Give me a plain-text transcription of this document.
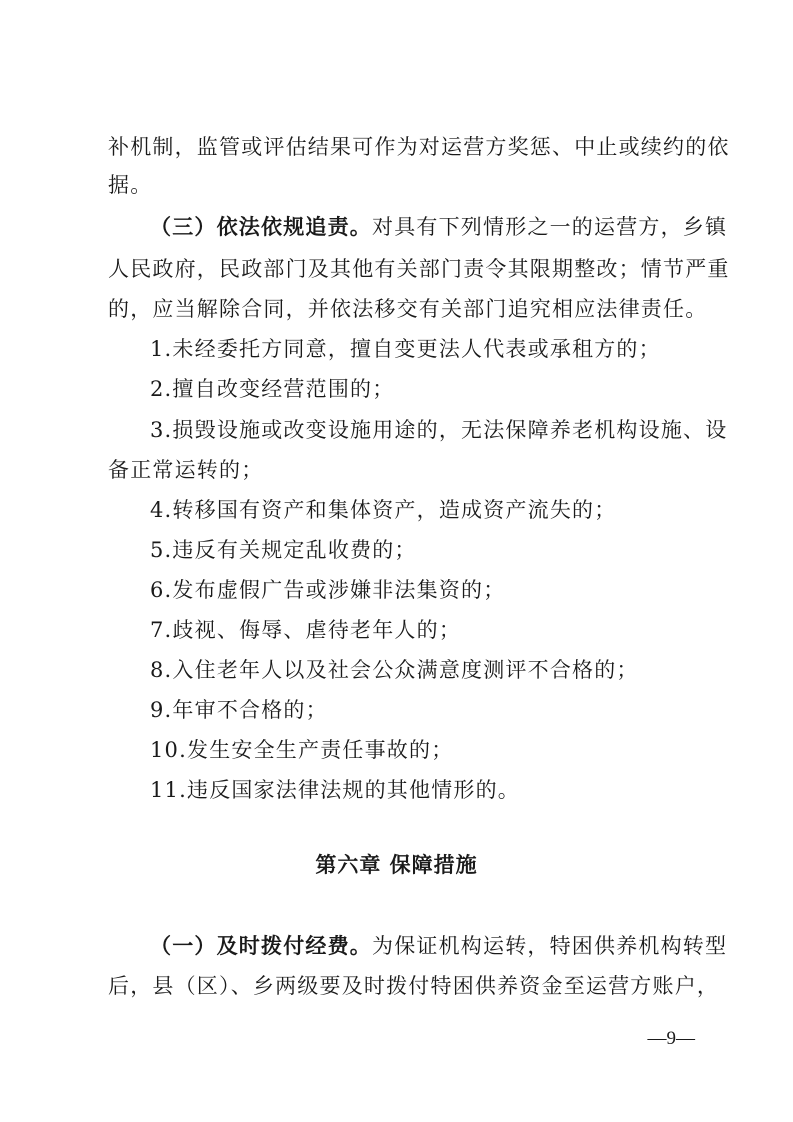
补机制，监管或评估结果可作为对运营方奖惩、中止或续约的依
据。
（三）依法依规追责。对具有下列情形之一的运营方，乡镇
人民政府，民政部门及其他有关部门责令其限期整改；情节严重
的，应当解除合同，并依法移交有关部门追究相应法律责任。
1.未经委托方同意，擅自变更法人代表或承租方的；
2.擅自改变经营范围的；
3.损毁设施或改变设施用途的，无法保障养老机构设施、设
备正常运转的；
4.转移国有资产和集体资产，造成资产流失的；
5.违反有关规定乱收费的；
6.发布虚假广告或涉嫌非法集资的；
7.歧视、侮辱、虐待老年人的；
8.入住老年人以及社会公众满意度测评不合格的；
9.年审不合格的；
10.发生安全生产责任事故的；
11.违反国家法律法规的其他情形的。
第六章 保障措施
（一）及时拨付经费。为保证机构运转，特困供养机构转型
后，县（区）、乡两级要及时拨付特困供养资金至运营方账户，
—9—
